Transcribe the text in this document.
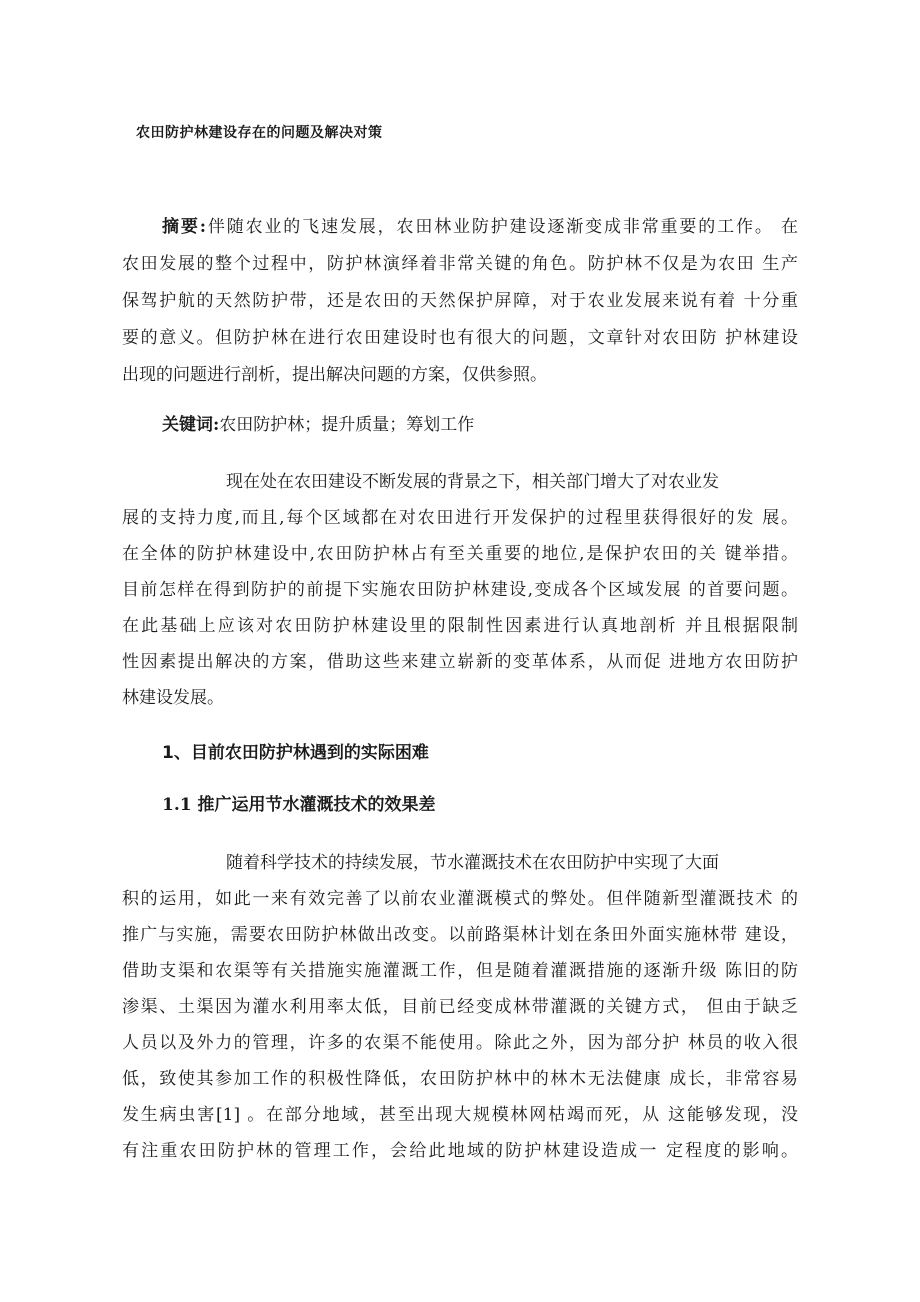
农田防护林建设存在的问题及解决对策

摘要:伴随农业的飞速发展，农田林业防护建设逐渐变成非常重要的工作。 在

农田发展的整个过程中，防护林演绎着非常关键的角色。防护林不仅是为农田 生产

保驾护航的天然防护带，还是农田的天然保护屏障，对于农业发展来说有着 十分重

要的意义。但防护林在进行农田建设时也有很大的问题，文章针对农田防 护林建设

出现的问题进行剖析，提出解决问题的方案，仅供参照。

关键词:农田防护林；提升质量；筹划工作

现在处在农田建设不断发展的背景之下，相关部门增大了对农业发

展的支持力度,而且,每个区域都在对农田进行开发保护的过程里获得很好的发 展。

在全体的防护林建设中,农田防护林占有至关重要的地位,是保护农田的关 键举措。

目前怎样在得到防护的前提下实施农田防护林建设,变成各个区域发展 的首要问题。

在此基础上应该对农田防护林建设里的限制性因素进行认真地剖析 并且根据限制

性因素提出解决的方案，借助这些来建立崭新的变革体系，从而促 进地方农田防护

林建设发展。

1、目前农田防护林遇到的实际困难
1.1 推广运用节水灌溉技术的效果差

随着科学技术的持续发展，节水灌溉技术在农田防护中实现了大面

积的运用，如此一来有效完善了以前农业灌溉模式的弊处。但伴随新型灌溉技术 的

推广与实施，需要农田防护林做出改变。以前路渠林计划在条田外面实施林带 建设，

借助支渠和农渠等有关措施实施灌溉工作，但是随着灌溉措施的逐渐升级 陈旧的防

渗渠、土渠因为灌水利用率太低，目前已经变成林带灌溉的关键方式， 但由于缺乏

人员以及外力的管理，许多的农渠不能使用。除此之外，因为部分护 林员的收入很

低，致使其参加工作的积极性降低，农田防护林中的林木无法健康 成长，非常容易

发生病虫害[1] 。在部分地域，甚至出现大规模林网枯竭而死，从 这能够发现，没

有注重农田防护林的管理工作，会给此地域的防护林建设造成一 定程度的影响。
